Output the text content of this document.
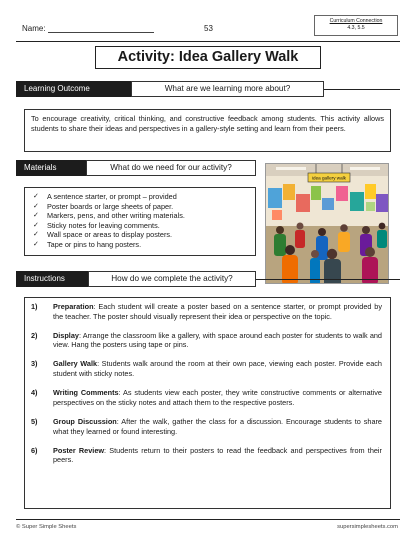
Name:	53
Curriculum Connection
4.3, 5.5
Activity: Idea Gallery Walk
Learning Outcome	What are we learning more about?
To encourage creativity, critical thinking, and constructive feedback among students. This activity allows students to share their ideas and perspectives in a gallery-style setting and learn from their peers.
Materials	What do we need for our activity?
✓	A sentence starter, or prompt – provided
✓	Poster boards or large sheets of paper.
✓	Markers, pens, and other writing materials.
✓	Sticky notes for leaving comments.
✓	Wall space or areas to display posters.
✓	Tape or pins to hang posters.
idea gallery walk
Instructions	How do we complete the activity?
1)	Preparation: Each student will create a poster based on a sentence starter, or prompt provided by the teacher. The poster should visually represent their idea or perspective on the topic.
2)	Display: Arrange the classroom like a gallery, with space around each poster for students to walk and view. Hang the posters using tape or pins.
3)	Gallery Walk: Students walk around the room at their own pace, viewing each poster. Provide each student with sticky notes.
4)	Writing Comments: As students view each poster, they write constructive comments or alternative perspectives on the sticky notes and attach them to the respective posters.
5)	Group Discussion: After the walk, gather the class for a discussion. Encourage students to share what they learned or found interesting.
6)	Poster Review: Students return to their posters to read the feedback and perspectives from their peers.
© Super Simple Sheets	supersimplesheets.com
